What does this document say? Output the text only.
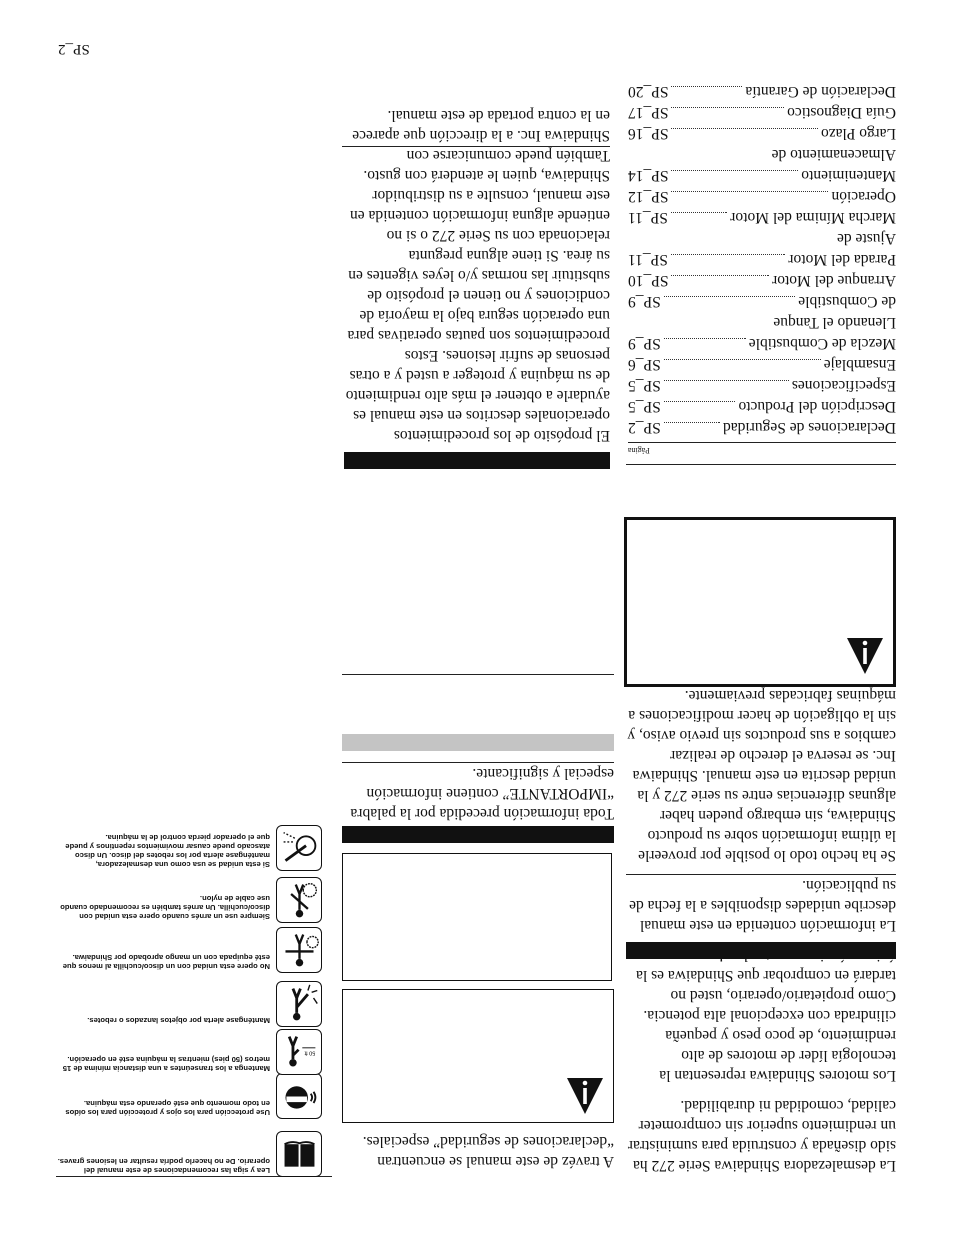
La desmalezadora Shindaiwa Serie 272 ha sido diseñada y construida para suministrar un rendimiento superior sin comprometer calidad, comodidad ni durabilidad.

Los motores Shindaiwa representan la tecnología líder de motores de alto rendimiento, de poco peso y pequeña cilindrada con excepcional alta potencia. Como propietario/operario, usted no tardará en comprobar que Shindaiwa es la

La información contenida en este manual describe unidades disponibles a la fecha de su publicación.

Se ha hecho todo lo posible por proveerle la última información sobre su producto Shindaiwa, sin embargo pueden haber algunas diferencias entre su serie 272 y la unidad descrita en este manual. Shindaiwa Inc. se reserva el derecho de realizar cambios a sus productos sin previo aviso, y sin la obligación de hacer modificaciones a máquinas fabricadas previamente.

Página
Declaraciones de Seguridad
SP_2
Descripción del Producto
SP_5
Especificaciones
SP_5
Ensamblaje
SP_6
Mezcla de Combustible
SP_9
Llenando el Tanque
de Combustible
SP_9
Arranque del Motor
SP_10
Parada del Motor
SP_11
Ajuste de
Marcha Mínima del Motor
SP_11
Operación
SP_12
Mantenimiento
SP_14
Almacenamiento de
Largo Plazo
SP_16
Guía Diagnostico
SP_17
Declaración de Garantía
SP_20
SP_2

A travéz de este manual se encuentran “declaraciones de seguridad” especiales.

Toda información precedida por la palabra “IMPORTANTE” contiene información especial y significante.

El propósito de los procedimientos operacionales descritos en este manual es ayudarle a obtener el más alto rendimiento de su máquina y proteger a usted y a otras personas de sufrir lesiones. Estos procedimientos son pautas operativas para una operación segura bajo la mayoría de condiciones y no tienen el propósito de substituir las normas y/o leyes vigentes en su área. Si tiene alguna pregunta relacionada con su Serie 272 o si no entiende alguna información contenida en este manual, consulte a su distribuidor Shindaiwa, quien le atenderá con gusto. También puede comunicarse con Shindaiwa Inc. a la dirección que aparece en la contra portada de este manual.

Lea y siga las recomendaciones de este manual del operario. De no hacerlo podría resultar en lesiones graves.
Use protección para los ojos y protección para los oídos en todo momento que esté operando esta máquina.
50 ft
Mantenga a los transeúntes a una distancia mínima de 15 metros (50 pies) mientras la máquina esté en operación.
Manténgase alerta por objetos lanzados o rebotes.
No opere esta unidad con un disco/cuchilla al menos que esté equipada con un mango aprobado por Shindaiwa.
Siempre use un arnés cuando opere esta unidad con disco/cuchilla. Un arnés también es recomendado cuando use cable de nylon.
Si esta unidad se usa como una desmalezadora, manténgase alerta por los rebotes del disco. Un disco atascado puede causar movimientos repentinos y puede que el operador pierda control de la máquina.
